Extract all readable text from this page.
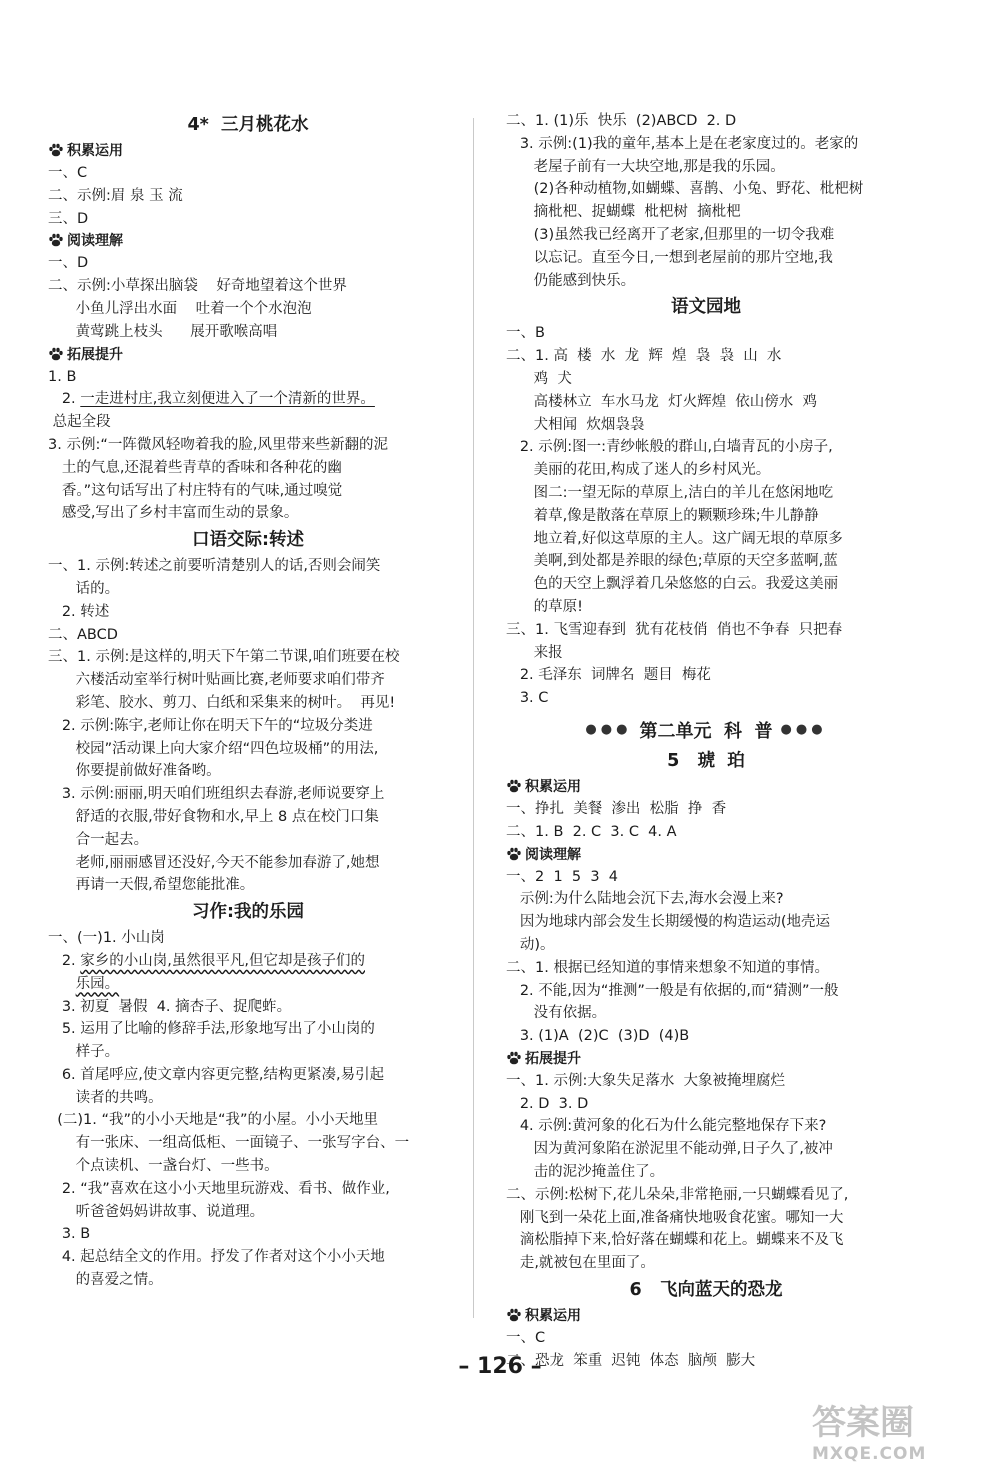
4*  三月桃花水

积累运用

一、C

二、示例:眉 泉 玉 流

三、D

阅读理解

一、D

二、示例:小草探出脑袋    好奇地望着这个世界

小鱼儿浮出水面    吐着一个个水泡泡

黄莺跳上枝头      展开歌喉高唱

拓展提升

1. B

2. 一走进村庄,我立刻便进入了一个清新的世界。

总起全段

3. 示例:“一阵微风轻吻着我的脸,风里带来些新翻的泥

土的气息,还混着些青草的香味和各种花的幽

香。”这句话写出了村庄特有的气味,通过嗅觉

感受,写出了乡村丰富而生动的景象。

口语交际:转述

一、1. 示例:转述之前要听清楚别人的话,否则会闹笑

话的。

2. 转述

二、ABCD

三、1. 示例:是这样的,明天下午第二节课,咱们班要在校

六楼活动室举行树叶贴画比赛,老师要求咱们带齐

彩笔、胶水、剪刀、白纸和采集来的树叶。  再见!

2. 示例:陈宇,老师让你在明天下午的“垃圾分类进

校园”活动课上向大家介绍“四色垃圾桶”的用法,

你要提前做好准备哟。

3. 示例:丽丽,明天咱们班组织去春游,老师说要穿上

舒适的衣服,带好食物和水,早上 8 点在校门口集

合一起去。

老师,丽丽感冒还没好,今天不能参加春游了,她想

再请一天假,希望您能批准。

习作:我的乐园

一、(一)1. 小山岗

2. 家乡的小山岗,虽然很平凡,但它却是孩子们的

乐园。

3. 初夏  暑假  4. 摘杏子、捉爬蚱。

5. 运用了比喻的修辞手法,形象地写出了小山岗的

样子。

6. 首尾呼应,使文章内容更完整,结构更紧凑,易引起

读者的共鸣。

(二)1. “我”的小小天地是“我”的小屋。小小天地里

有一张床、一组高低柜、一面镜子、一张写字台、一

个点读机、一盏台灯、一些书。

2. “我”喜欢在这小小天地里玩游戏、看书、做作业,

听爸爸妈妈讲故事、说道理。

3. B

4. 起总结全文的作用。抒发了作者对这个小小天地

的喜爱之情。

二、1. (1)乐  快乐  (2)ABCD  2. D

3. 示例:(1)我的童年,基本上是在老家度过的。老家的

老屋子前有一大块空地,那是我的乐园。

(2)各种动植物,如蝴蝶、喜鹊、小兔、野花、枇杷树

摘枇杷、捉蝴蝶  枇杷树  摘枇杷

(3)虽然我已经离开了老家,但那里的一切令我难

以忘记。直至今日,一想到老屋前的那片空地,我

仍能感到快乐。

语文园地

一、B

二、1. 高  楼  水  龙  辉  煌  袅  袅  山  水

鸡  犬

高楼林立  车水马龙  灯火辉煌  依山傍水  鸡

犬相闻  炊烟袅袅

2. 示例:图一:青纱帐般的群山,白墙青瓦的小房子,

美丽的花田,构成了迷人的乡村风光。

图二:一望无际的草原上,洁白的羊儿在悠闲地吃

着草,像是散落在草原上的颗颗珍珠;牛儿静静

地立着,好似这草原的主人。这广阔无垠的草原多

美啊,到处都是养眼的绿色;草原的天空多蓝啊,蓝

色的天空上飘浮着几朵悠悠的白云。我爱这美丽

的草原!

三、1. 飞雪迎春到  犹有花枝俏  俏也不争春  只把春

来报

2. 毛泽东  词牌名  题目  梅花

3. C

●●● 第二单元  科  普 ●●●

5   琥  珀

积累运用

一、挣扎  美餐  渗出  松脂  挣  香

二、1. B  2. C  3. C  4. A

阅读理解

一、2  1  5  3  4

示例:为什么陆地会沉下去,海水会漫上来?

因为地球内部会发生长期缓慢的构造运动(地壳运

动)。

二、1. 根据已经知道的事情来想象不知道的事情。

2. 不能,因为“推测”一般是有依据的,而“猜测”一般

没有依据。

3. (1)A  (2)C  (3)D  (4)B

拓展提升

一、1. 示例:大象失足落水  大象被掩埋腐烂

2. D  3. D

4. 示例:黄河象的化石为什么能完整地保存下来?

因为黄河象陷在淤泥里不能动弹,日子久了,被冲

击的泥沙掩盖住了。

二、示例:松树下,花儿朵朵,非常艳丽,一只蝴蝶看见了,

刚飞到一朵花上面,准备痛快地吸食花蜜。哪知一大

滴松脂掉下来,恰好落在蝴蝶和花上。蝴蝶来不及飞

走,就被包在里面了。

6   飞向蓝天的恐龙

积累运用

一、C

二、恐龙  笨重  迟钝  体态  脑颅  膨大

– 126 –
答案圈
MXQE.COM
